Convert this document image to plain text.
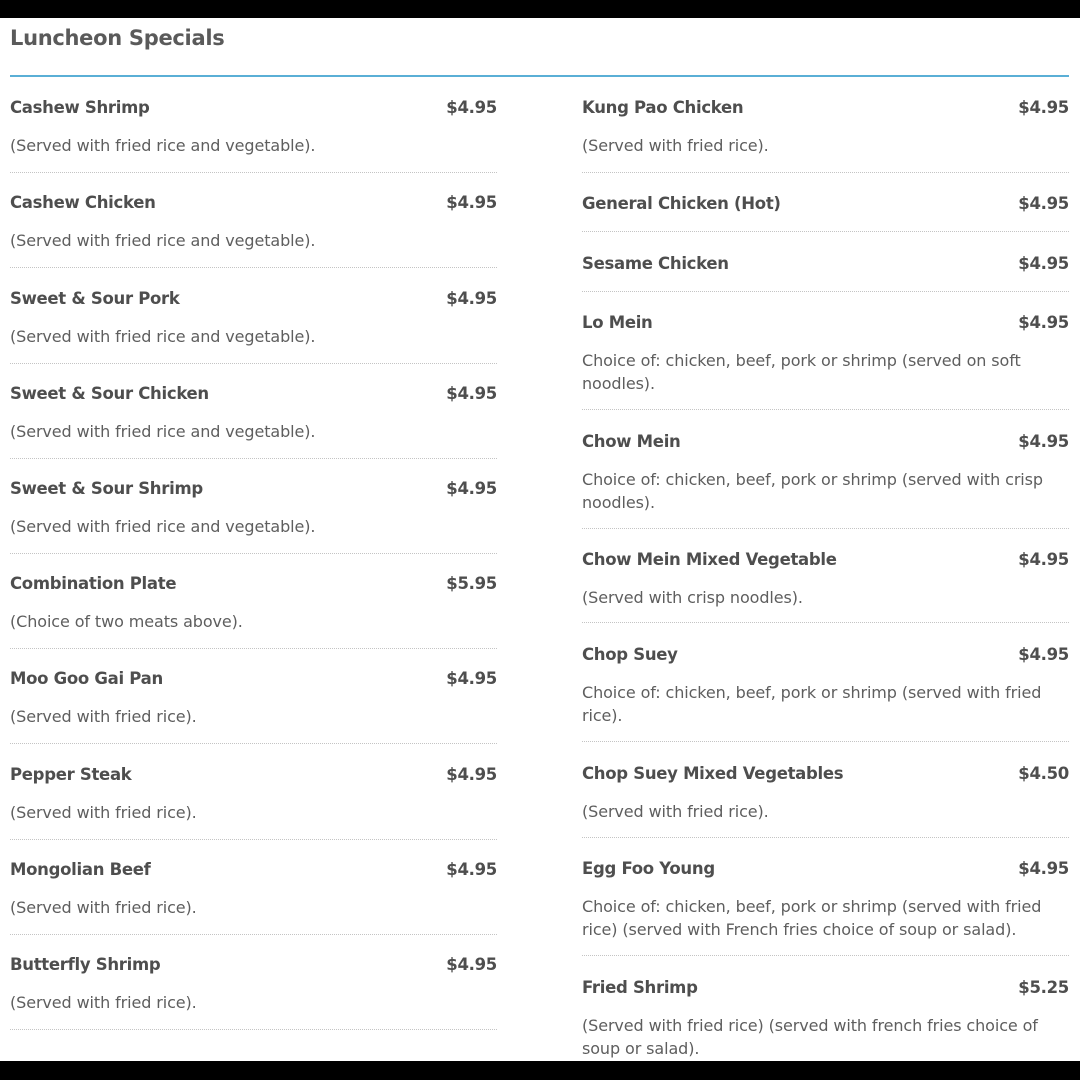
Luncheon Specials
Cashew Shrimp	$4.95
(Served with fried rice and vegetable).
Cashew Chicken	$4.95
(Served with fried rice and vegetable).
Sweet & Sour Pork	$4.95
(Served with fried rice and vegetable).
Sweet & Sour Chicken	$4.95
(Served with fried rice and vegetable).
Sweet & Sour Shrimp	$4.95
(Served with fried rice and vegetable).
Combination Plate	$5.95
(Choice of two meats above).
Moo Goo Gai Pan	$4.95
(Served with fried rice).
Pepper Steak	$4.95
(Served with fried rice).
Mongolian Beef	$4.95
(Served with fried rice).
Butterfly Shrimp	$4.95
(Served with fried rice).
Kung Pao Chicken	$4.95
(Served with fried rice).
General Chicken (Hot)	$4.95
Sesame Chicken	$4.95
Lo Mein	$4.95
Choice of: chicken, beef, pork or shrimp (served on soft noodles).
Chow Mein	$4.95
Choice of: chicken, beef, pork or shrimp (served with crisp noodles).
Chow Mein Mixed Vegetable	$4.95
(Served with crisp noodles).
Chop Suey	$4.95
Choice of: chicken, beef, pork or shrimp (served with fried rice).
Chop Suey Mixed Vegetables	$4.50
(Served with fried rice).
Egg Foo Young	$4.95
Choice of: chicken, beef, pork or shrimp (served with fried rice) (served with French fries choice of soup or salad).
Fried Shrimp	$5.25
(Served with fried rice) (served with french fries choice of soup or salad).
